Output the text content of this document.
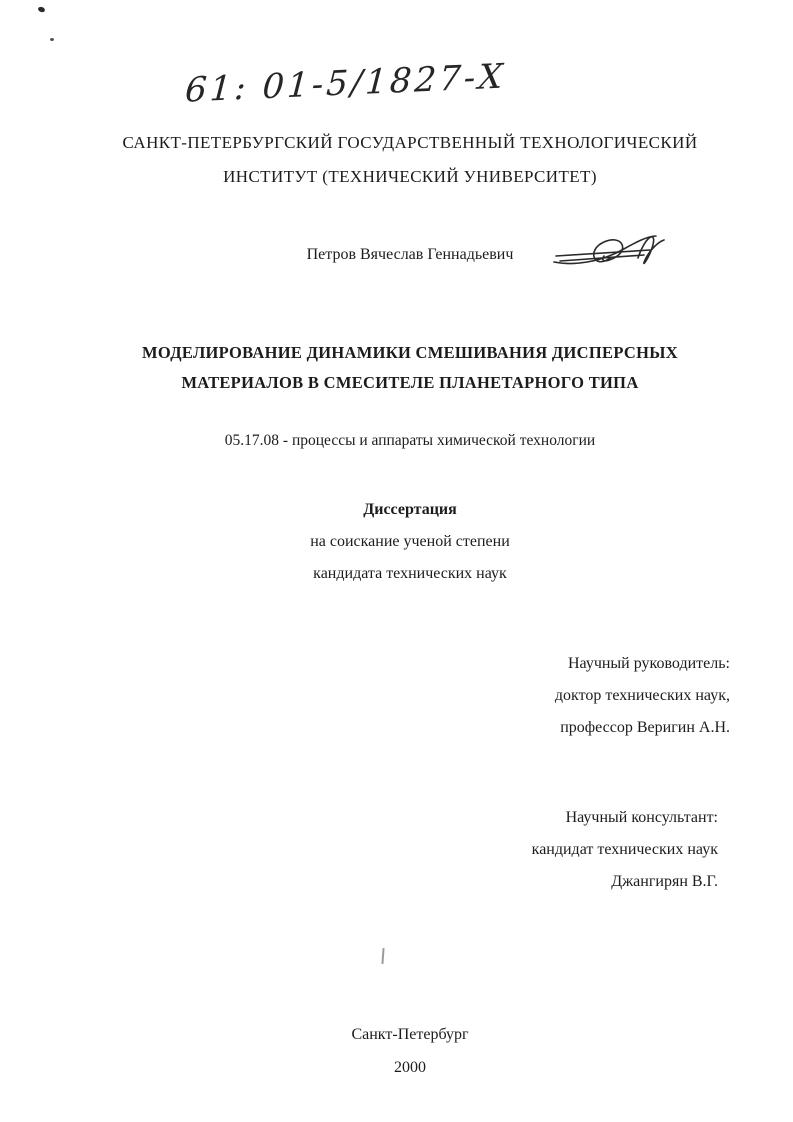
61: 01-5/1827-Х
САНКТ-ПЕТЕРБУРГСКИЙ ГОСУДАРСТВЕННЫЙ ТЕХНОЛОГИЧЕСКИЙ
ИНСТИТУТ (ТЕХНИЧЕСКИЙ УНИВЕРСИТЕТ)
Петров Вячеслав Геннадьевич
МОДЕЛИРОВАНИЕ ДИНАМИКИ СМЕШИВАНИЯ ДИСПЕРСНЫХ
МАТЕРИАЛОВ В СМЕСИТЕЛЕ ПЛАНЕТАРНОГО ТИПА
05.17.08 - процессы и аппараты химической технологии
Диссертация
на соискание ученой степени
кандидата технических наук
Научный руководитель:
доктор технических наук,
профессор Веригин А.Н.
Научный консультант:
кандидат технических наук
Джангирян В.Г.
Санкт-Петербург
2000
